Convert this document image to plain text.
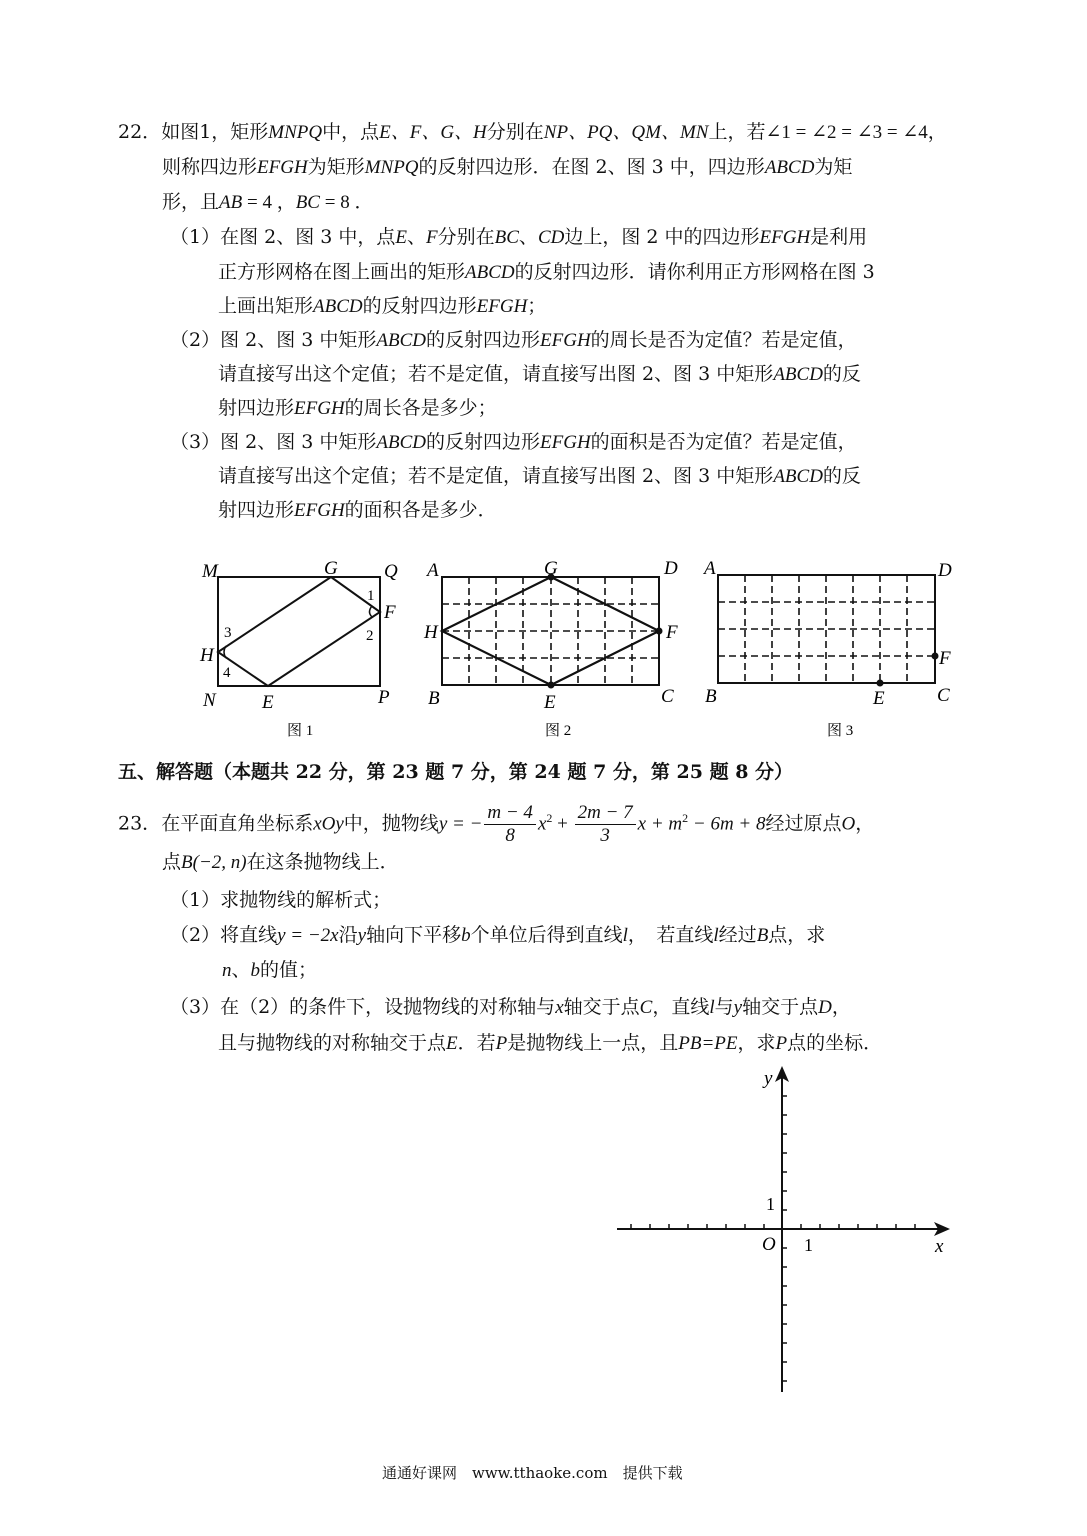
22．如图1，矩形MNPQ中，点E、F、G、H分别在NP、PQ、QM、MN上，若∠1 = ∠2 = ∠3 = ∠4，
则称四边形EFGH为矩形MNPQ的反射四边形．在图 2、图 3 中，四边形ABCD为矩
形，且AB = 4 ，BC = 8 ．
（1）在图 2、图 3 中，点E、F分别在BC、CD边上，图 2 中的四边形EFGH是利用
正方形网格在图上画出的矩形ABCD的反射四边形．请你利用正方形网格在图 3
上画出矩形ABCD的反射四边形EFGH；
（2）图 2、图 3 中矩形ABCD的反射四边形EFGH的周长是否为定值？若是定值，
请直接写出这个定值；若不是定值，请直接写出图 2、图 3 中矩形ABCD的反
射四边形EFGH的周长各是多少；
（3）图 2、图 3 中矩形ABCD的反射四边形EFGH的面积是否为定值？若是定值，
请直接写出这个定值；若不是定值，请直接写出图 2、图 3 中矩形ABCD的反
射四边形EFGH的面积各是多少．
M
N	P
Q
G
E
F
H
1
2
3
4
图 1
A
B	C
D
G
E
F
H
图 2
A
B	C
D
E
F
图 3
五、解答题（本题共 22 分，第 23 题 7 分，第 24 题 7 分，第 25 题 8 分）
23．在平面直角坐标系xOy中，抛物线y = − $\frac{m - 4}{8} x^2 + \frac{2m - 7}{3}$ $x + m^2 - 6m + 8$经过原点O，
点B(−2, n)在这条抛物线上．
（1）求抛物线的解析式；
（2）将直线y = −2x沿y轴向下平移b个单位后得到直线l，　若直线l经过B点，求
n、b的值；
（3）在（2）的条件下，设抛物线的对称轴与x轴交于点C，直线l与y轴交于点D，
且与抛物线的对称轴交于点E．若P是抛物线上一点，且PB=PE，求P点的坐标．
y
x
O
1
1
通通好课网　www.tthaoke.com　提供下载
